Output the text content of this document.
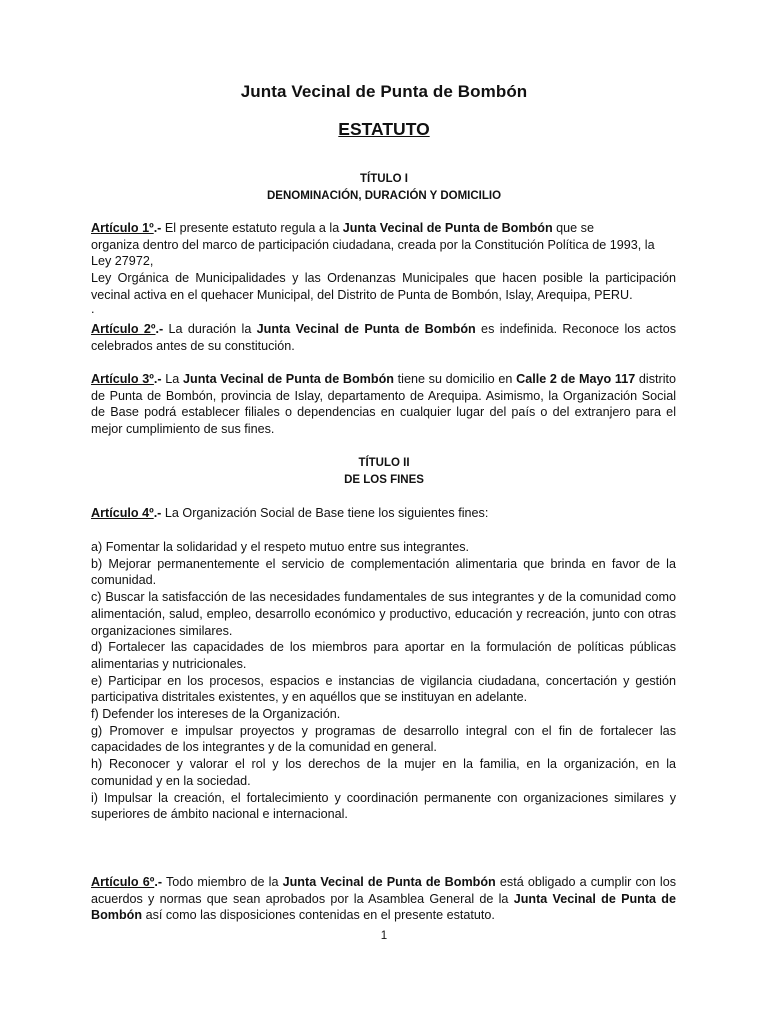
Junta Vecinal de Punta de Bombón
ESTATUTO
TÍTULO I
DENOMINACIÓN, DURACIÓN Y DOMICILIO

Artículo 1º.- El presente estatuto regula a la Junta Vecinal de Punta de Bombón que se

organiza dentro del marco de participación ciudadana, creada por la Constitución Política de 1993, la Ley 27972,

Ley Orgánica de Municipalidades y las Ordenanzas Municipales que hacen posible la participación vecinal activa en el quehacer Municipal, del Distrito de Punta de Bombón, Islay, Arequipa, PERU.

.

Artículo 2º.- La duración la Junta Vecinal de Punta de Bombón es indefinida. Reconoce los actos celebrados antes de su constitución.

Artículo 3º.- La Junta Vecinal de Punta de Bombón tiene su domicilio en Calle 2 de Mayo 117 distrito de Punta de Bombón, provincia de Islay, departamento de Arequipa. Asimismo, la Organización Social de Base podrá establecer filiales o dependencias en cualquier lugar del país o del extranjero para el mejor cumplimiento de sus fines.

TÍTULO II
DE LOS FINES

Artículo 4º.- La Organización Social de Base tiene los siguientes fines:

a) Fomentar la solidaridad y el respeto mutuo entre sus integrantes.

b) Mejorar permanentemente el servicio de complementación alimentaria que brinda en favor de la comunidad.

c) Buscar la satisfacción de las necesidades fundamentales de sus integrantes y de la comunidad como alimentación, salud, empleo, desarrollo económico y productivo, educación y recreación, junto con otras organizaciones similares.

d) Fortalecer las capacidades de los miembros para aportar en la formulación de políticas públicas alimentarias y nutricionales.

e) Participar en los procesos, espacios e instancias de vigilancia ciudadana, concertación y gestión participativa distritales existentes, y en aquéllos que se instituyan en adelante.

f) Defender los intereses de la Organización.

g) Promover e impulsar proyectos y programas de desarrollo integral con el fin de fortalecer las capacidades de los integrantes y de la comunidad en general.

h) Reconocer y valorar el rol y los derechos de la mujer en la familia, en la organización, en la comunidad y en la sociedad.

i) Impulsar la creación, el fortalecimiento y coordinación permanente con organizaciones similares y superiores de ámbito nacional e internacional.

Artículo 6º.- Todo miembro de la Junta Vecinal de Punta de Bombón está obligado a cumplir con los acuerdos y normas que sean aprobados por la Asamblea General de la Junta Vecinal de Punta de Bombón así como las disposiciones contenidas en el presente estatuto.

1
